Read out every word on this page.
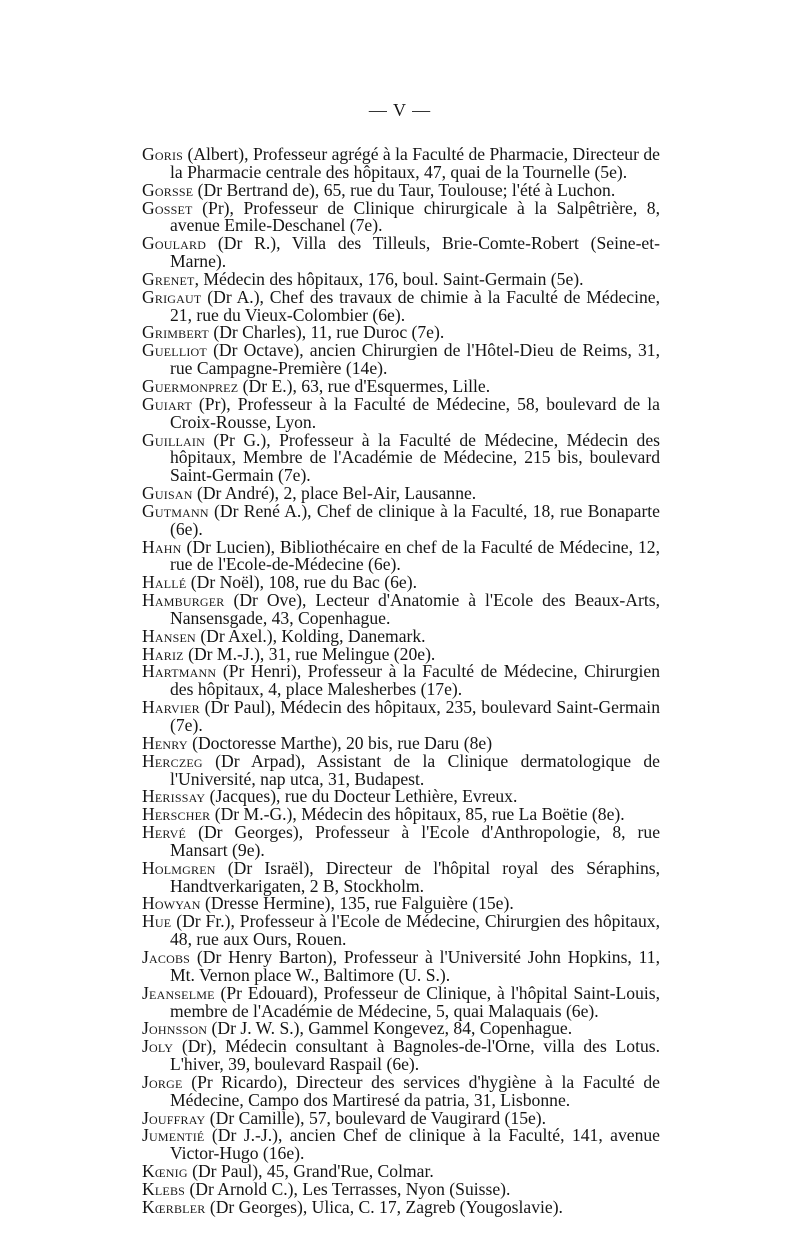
— V —

Goris (Albert), Professeur agrégé à la Faculté de Pharmacie, Directeur de la Pharmacie centrale des hôpitaux, 47, quai de la Tournelle (5e).

Gorsse (Dr Bertrand de), 65, rue du Taur, Toulouse; l'été à Luchon.

Gosset (Pr), Professeur de Clinique chirurgicale à la Salpêtrière, 8, avenue Emile-Deschanel (7e).

Goulard (Dr R.), Villa des Tilleuls, Brie-Comte-Robert (Seine-et-Marne).

Grenet, Médecin des hôpitaux, 176, boul. Saint-Germain (5e).

Grigaut (Dr A.), Chef des travaux de chimie à la Faculté de Médecine, 21, rue du Vieux-Colombier (6e).

Grimbert (Dr Charles), 11, rue Duroc (7e).

Guelliot (Dr Octave), ancien Chirurgien de l'Hôtel-Dieu de Reims, 31, rue Campagne-Première (14e).

Guermonprez (Dr E.), 63, rue d'Esquermes, Lille.

Guiart (Pr), Professeur à la Faculté de Médecine, 58, boulevard de la Croix-Rousse, Lyon.

Guillain (Pr G.), Professeur à la Faculté de Médecine, Médecin des hôpitaux, Membre de l'Académie de Médecine, 215 bis, boulevard Saint-Germain (7e).

Guisan (Dr André), 2, place Bel-Air, Lausanne.

Gutmann (Dr René A.), Chef de clinique à la Faculté, 18, rue Bonaparte (6e).

Hahn (Dr Lucien), Bibliothécaire en chef de la Faculté de Médecine, 12, rue de l'Ecole-de-Médecine (6e).

Hallé (Dr Noël), 108, rue du Bac (6e).

Hamburger (Dr Ove), Lecteur d'Anatomie à l'Ecole des Beaux-Arts, Nansensgade, 43, Copenhague.

Hansen (Dr Axel.), Kolding, Danemark.

Hariz (Dr M.-J.), 31, rue Melingue (20e).

Hartmann (Pr Henri), Professeur à la Faculté de Médecine, Chirurgien des hôpitaux, 4, place Malesherbes (17e).

Harvier (Dr Paul), Médecin des hôpitaux, 235, boulevard Saint-Germain (7e).

Henry (Doctoresse Marthe), 20 bis, rue Daru (8e)

Herczeg (Dr Arpad), Assistant de la Clinique dermatologique de l'Université, nap utca, 31, Budapest.

Herissay (Jacques), rue du Docteur Lethière, Evreux.

Herscher (Dr M.-G.), Médecin des hôpitaux, 85, rue La Boëtie (8e).

Hervé (Dr Georges), Professeur à l'Ecole d'Anthropologie, 8, rue Mansart (9e).

Holmgren (Dr Israël), Directeur de l'hôpital royal des Séraphins, Handtverkarigaten, 2 B, Stockholm.

Howyan (Dresse Hermine), 135, rue Falguière (15e).

Hue (Dr Fr.), Professeur à l'Ecole de Médecine, Chirurgien des hôpitaux, 48, rue aux Ours, Rouen.

Jacobs (Dr Henry Barton), Professeur à l'Université John Hopkins, 11, Mt. Vernon place W., Baltimore (U. S.).

Jeanselme (Pr Edouard), Professeur de Clinique, à l'hôpital Saint-Louis, membre de l'Académie de Médecine, 5, quai Malaquais (6e).

Johnsson (Dr J. W. S.), Gammel Kongevez, 84, Copenhague.

Joly (Dr), Médecin consultant à Bagnoles-de-l'Orne, villa des Lotus. L'hiver, 39, boulevard Raspail (6e).

Jorge (Pr Ricardo), Directeur des services d'hygiène à la Faculté de Médecine, Campo dos Martiresé da patria, 31, Lisbonne.

Jouffray (Dr Camille), 57, boulevard de Vaugirard (15e).

Jumentié (Dr J.-J.), ancien Chef de clinique à la Faculté, 141, avenue Victor-Hugo (16e).

Kœnig (Dr Paul), 45, Grand'Rue, Colmar.

Klebs (Dr Arnold C.), Les Terrasses, Nyon (Suisse).

Kœrbler (Dr Georges), Ulica, C. 17, Zagreb (Yougoslavie).
